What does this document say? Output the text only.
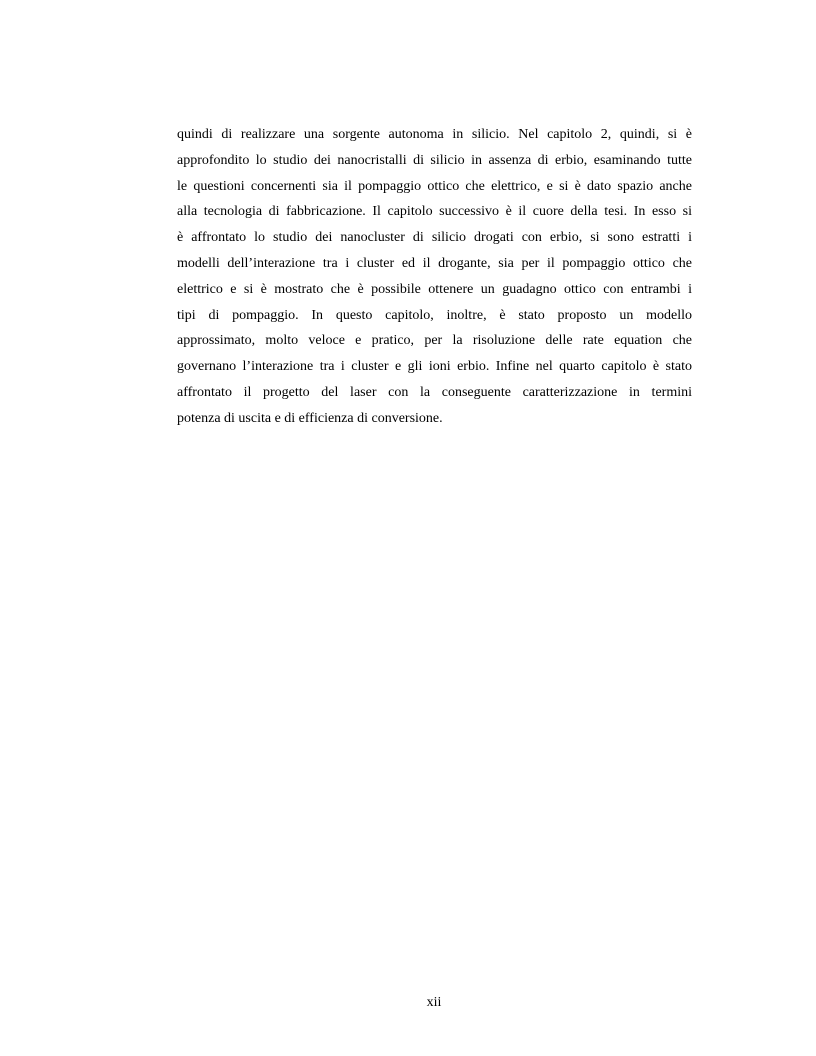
quindi di realizzare una sorgente autonoma in silicio. Nel capitolo 2, quindi, si è
approfondito lo studio dei nanocristalli di silicio in assenza di erbio, esaminando tutte
le questioni concernenti sia il pompaggio ottico che elettrico, e si è dato spazio anche
alla tecnologia di fabbricazione. Il capitolo successivo è il cuore della tesi. In esso si
è affrontato lo studio dei nanocluster di silicio drogati con erbio, si sono estratti i
modelli dell’interazione tra i cluster ed il drogante, sia per il pompaggio ottico che
elettrico e si è mostrato che è possibile ottenere un guadagno ottico con entrambi i
tipi di pompaggio. In questo capitolo, inoltre, è stato proposto un modello
approssimato, molto veloce e pratico, per la risoluzione delle rate equation che
governano l’interazione tra i cluster e gli ioni erbio. Infine nel quarto capitolo è stato
affrontato il progetto del laser con la conseguente caratterizzazione in termini
potenza di uscita e di efficienza di conversione.
xii
